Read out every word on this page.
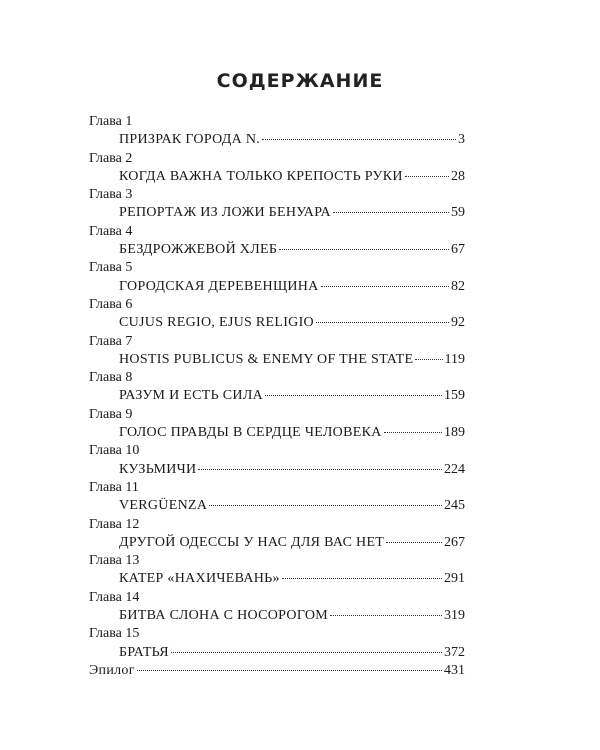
СОДЕРЖАНИЕ
Глава 1
ПРИЗРАК ГОРОДА N.	3
Глава 2
КОГДА ВАЖНА ТОЛЬКО КРЕПОСТЬ РУКИ	28
Глава 3
РЕПОРТАЖ ИЗ ЛОЖИ БЕНУАРА	59
Глава 4
БЕЗДРОЖЖЕВОЙ ХЛЕБ	67
Глава 5
ГОРОДСКАЯ ДЕРЕВЕНЩИНА	82
Глава 6
CUJUS REGIO, EJUS RELIGIO	92
Глава 7
HOSTIS PUBLICUS & ENEMY OF THE STATE 119
Глава 8
РАЗУМ И ЕСТЬ СИЛА	159
Глава 9
ГОЛОС ПРАВДЫ В СЕРДЦЕ ЧЕЛОВЕКА	189
Глава 10
КУЗЬМИЧИ	224
Глава 11
VERGÜENZA	245
Глава 12
ДРУГОЙ ОДЕССЫ У НАС ДЛЯ ВАС НЕТ	267
Глава 13
КАТЕР «НАХИЧЕВАНЬ»	291
Глава 14
БИТВА СЛОНА С НОСОРОГОМ	319
Глава 15
БРАТЬЯ	372
Эпилог	431
